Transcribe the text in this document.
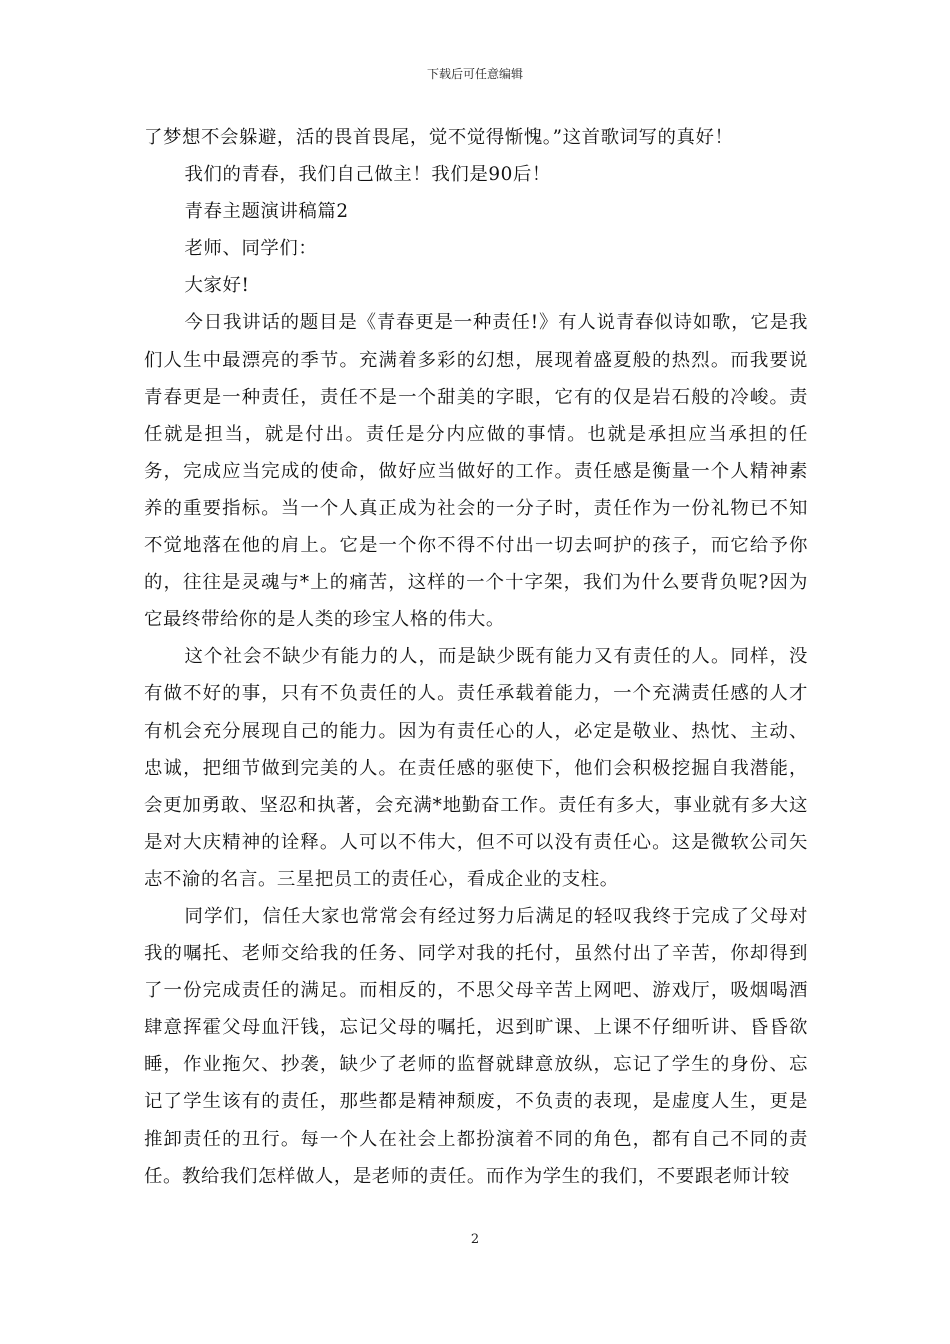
下载后可任意编辑

了梦想不会躲避，活的畏首畏尾，觉不觉得惭愧。”这首歌词写的真好！

我们的青春，我们自己做主！我们是90后！

青春主题演讲稿篇2

老师、同学们：

大家好!

今日我讲话的题目是《青春更是一种责任!》有人说青春似诗如歌，它是我们人生中最漂亮的季节。充满着多彩的幻想，展现着盛夏般的热烈。而我要说青春更是一种责任，责任不是一个甜美的字眼，它有的仅是岩石般的冷峻。责任就是担当，就是付出。责任是分内应做的事情。也就是承担应当承担的任务，完成应当完成的使命，做好应当做好的工作。责任感是衡量一个人精神素养的重要指标。当一个人真正成为社会的一分子时，责任作为一份礼物已不知不觉地落在他的肩上。它是一个你不得不付出一切去呵护的孩子，而它给予你的，往往是灵魂与*上的痛苦，这样的一个十字架，我们为什么要背负呢?因为它最终带给你的是人类的珍宝人格的伟大。

这个社会不缺少有能力的人，而是缺少既有能力又有责任的人。同样，没有做不好的事，只有不负责任的人。责任承载着能力，一个充满责任感的人才有机会充分展现自己的能力。因为有责任心的人，必定是敬业、热忱、主动、忠诚，把细节做到完美的人。在责任感的驱使下，他们会积极挖掘自我潜能，会更加勇敢、坚忍和执著，会充满*地勤奋工作。责任有多大，事业就有多大这是对大庆精神的诠释。人可以不伟大，但不可以没有责任心。这是微软公司矢志不渝的名言。三星把员工的责任心，看成企业的支柱。

同学们，信任大家也常常会有经过努力后满足的轻叹我终于完成了父母对我的嘱托、老师交给我的任务、同学对我的托付，虽然付出了辛苦，你却得到了一份完成责任的满足。而相反的，不思父母辛苦上网吧、游戏厅，吸烟喝酒肆意挥霍父母血汗钱，忘记父母的嘱托，迟到旷课、上课不仔细听讲、昏昏欲睡，作业拖欠、抄袭，缺少了老师的监督就肆意放纵，忘记了学生的身份、忘记了学生该有的责任，那些都是精神颓废，不负责的表现，是虚度人生，更是推卸责任的丑行。每一个人在社会上都扮演着不同的角色，都有自己不同的责任。教给我们怎样做人，是老师的责任。而作为学生的我们，不要跟老师计较

2
